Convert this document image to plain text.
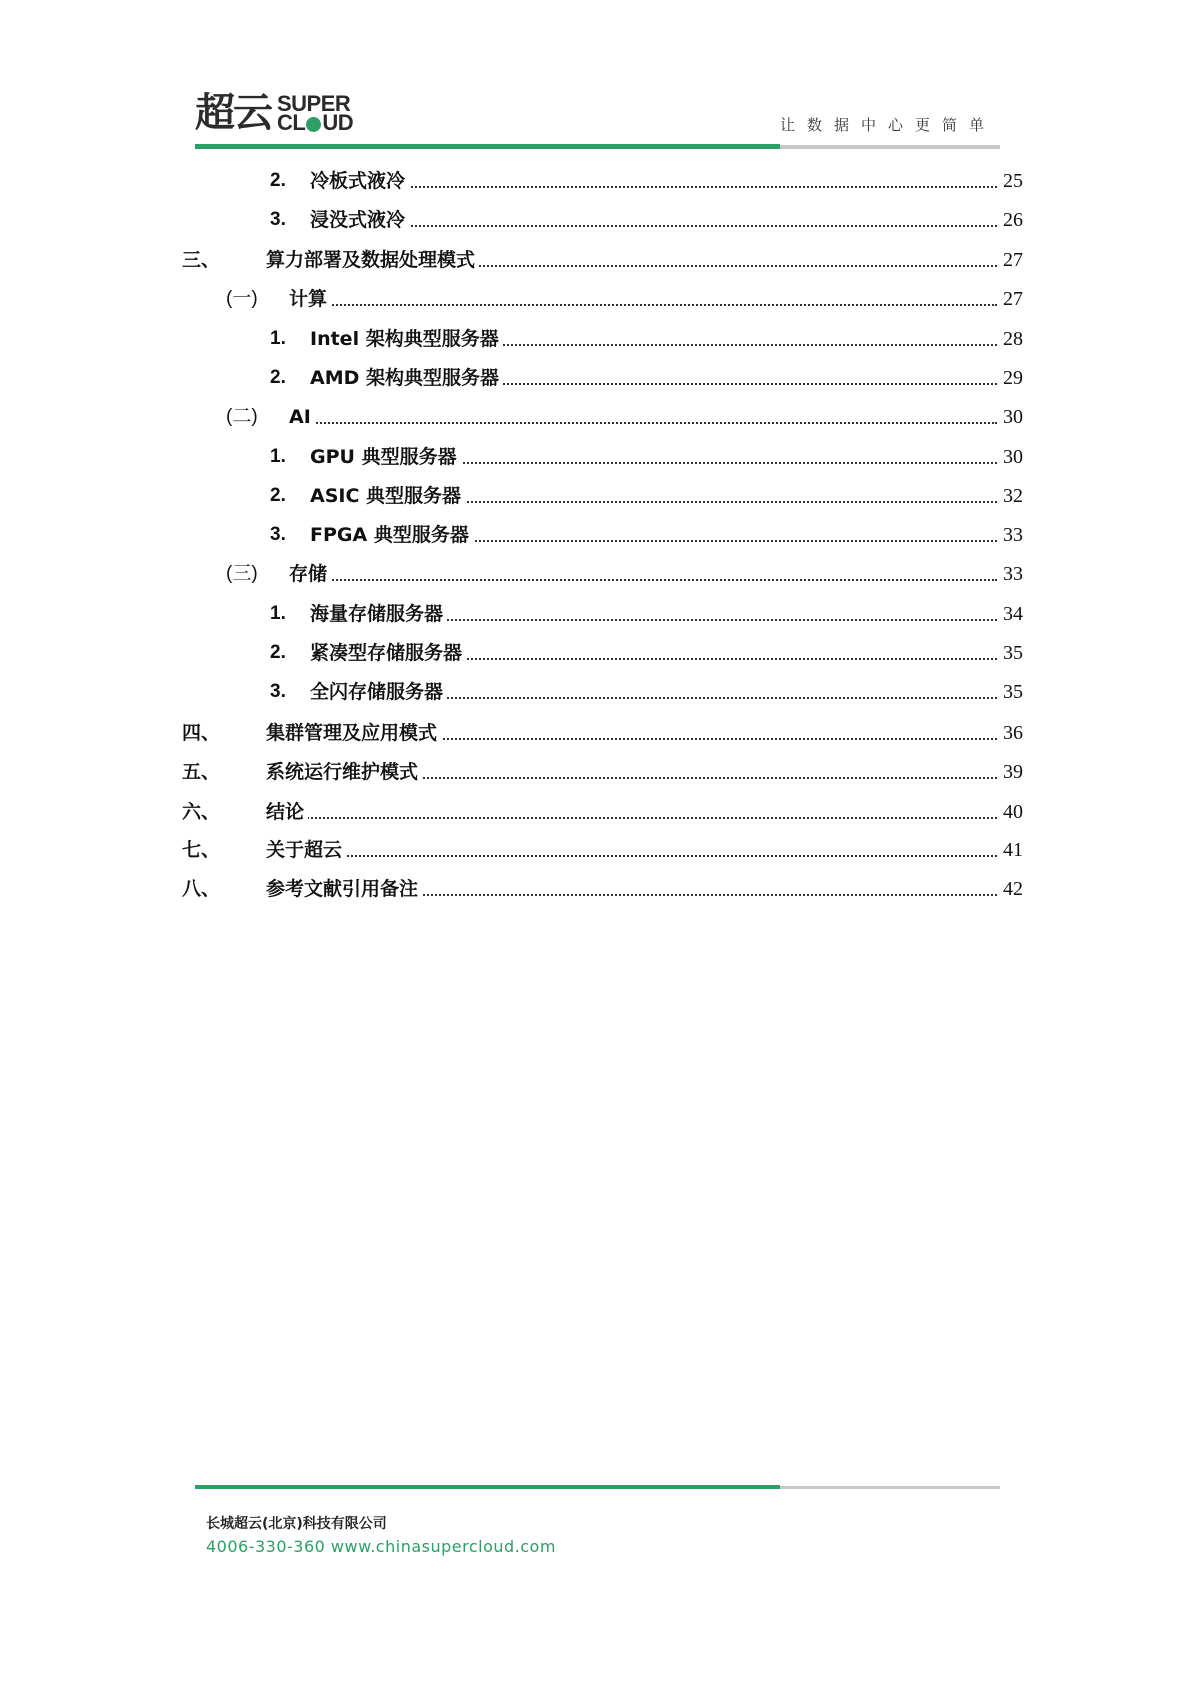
超云 SUPER
CL UD	让数据中心更简单
2. 冷板式液冷	25
3. 浸没式液冷	26
三、 算力部署及数据处理模式	27
(一) 计算	27
1. Intel 架构典型服务器	28
2. AMD 架构典型服务器	29
(二) AI	30
1. GPU 典型服务器	30
2. ASIC 典型服务器	32
3. FPGA 典型服务器	33
(三) 存储	33
1. 海量存储服务器	34
2. 紧凑型存储服务器	35
3. 全闪存储服务器	35
四、 集群管理及应用模式	36
五、 系统运行维护模式	39
六、 结论	40
七、 关于超云	41
八、 参考文献引用备注	42
长城超云(北京)科技有限公司
4006-330-360 www.chinasupercloud.com
